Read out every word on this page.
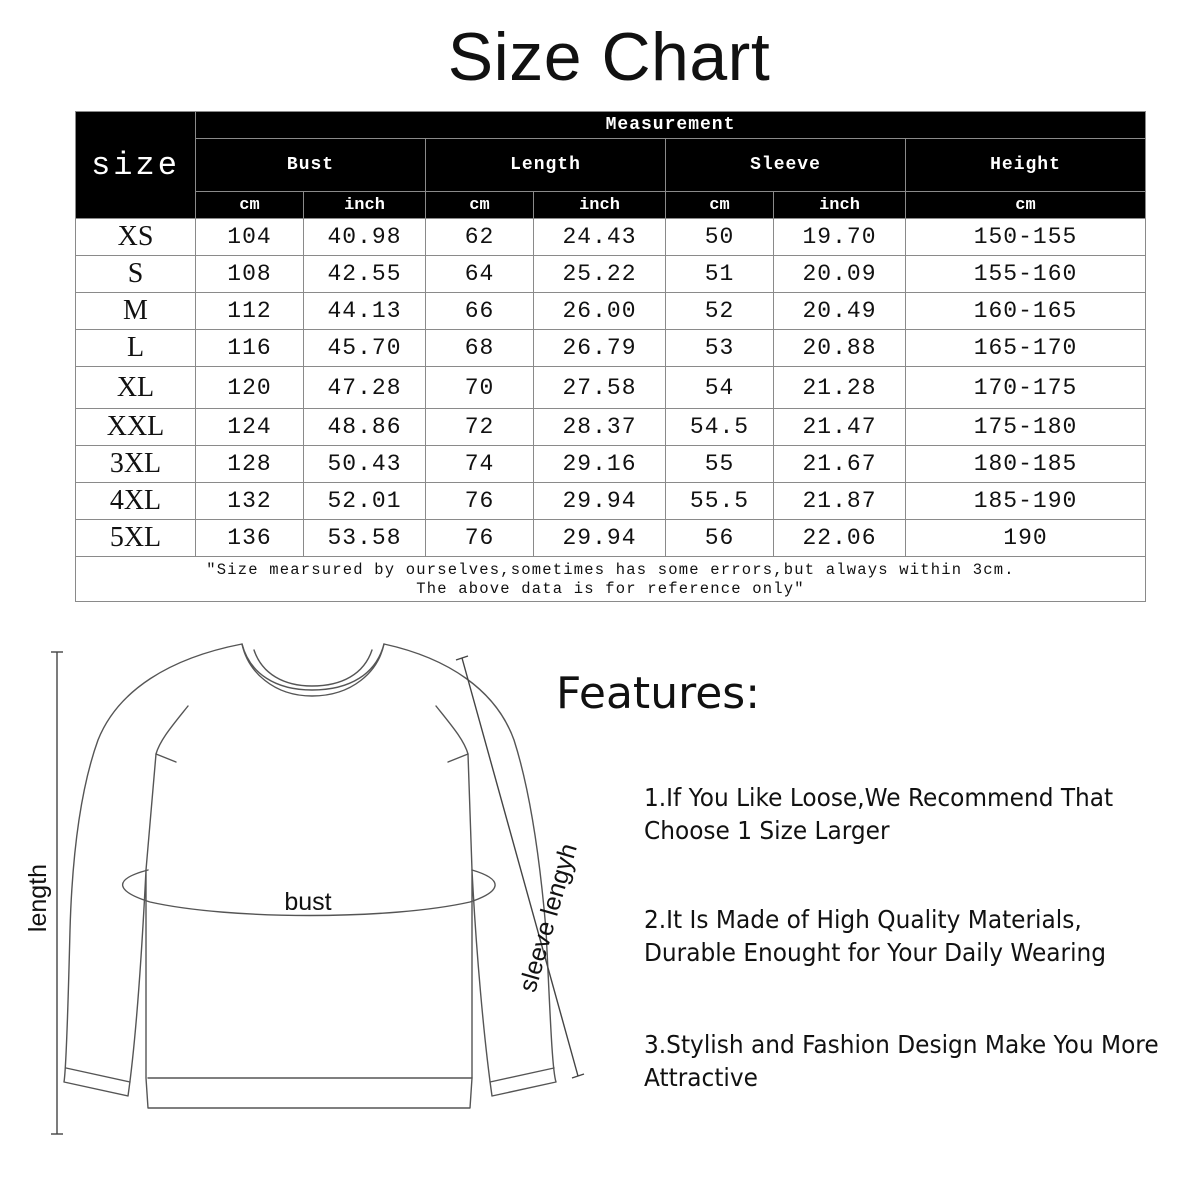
Size Chart
size	Measurement						
	Bust		Length		Sleeve		Height
	cm	inch	cm	inch	cm	inch	cm
XS	104	40.98	62	24.43	50	19.70	150-155
S	108	42.55	64	25.22	51	20.09	155-160
M	112	44.13	66	26.00	52	20.49	160-165
L	116	45.70	68	26.79	53	20.88	165-170
XL	120	47.28	70	27.58	54	21.28	170-175
XXL	124	48.86	72	28.37	54.5	21.47	175-180
3XL	128	50.43	74	29.16	55	21.67	180-185
4XL	132	52.01	76	29.94	55.5	21.87	185-190
5XL	136	53.58	76	29.94	56	22.06	190

"Size mearsured by ourselves,sometimes has some errors,but always within 3cm.
The above data is for reference only"							
length	bust	sleeve lengyh
Features:
1.If You Like Loose,We Recommend That
Choose 1 Size Larger
2.It Is Made of High Quality Materials,
Durable Enought for Your Daily Wearing
3.Stylish and Fashion Design Make You More
Attractive
